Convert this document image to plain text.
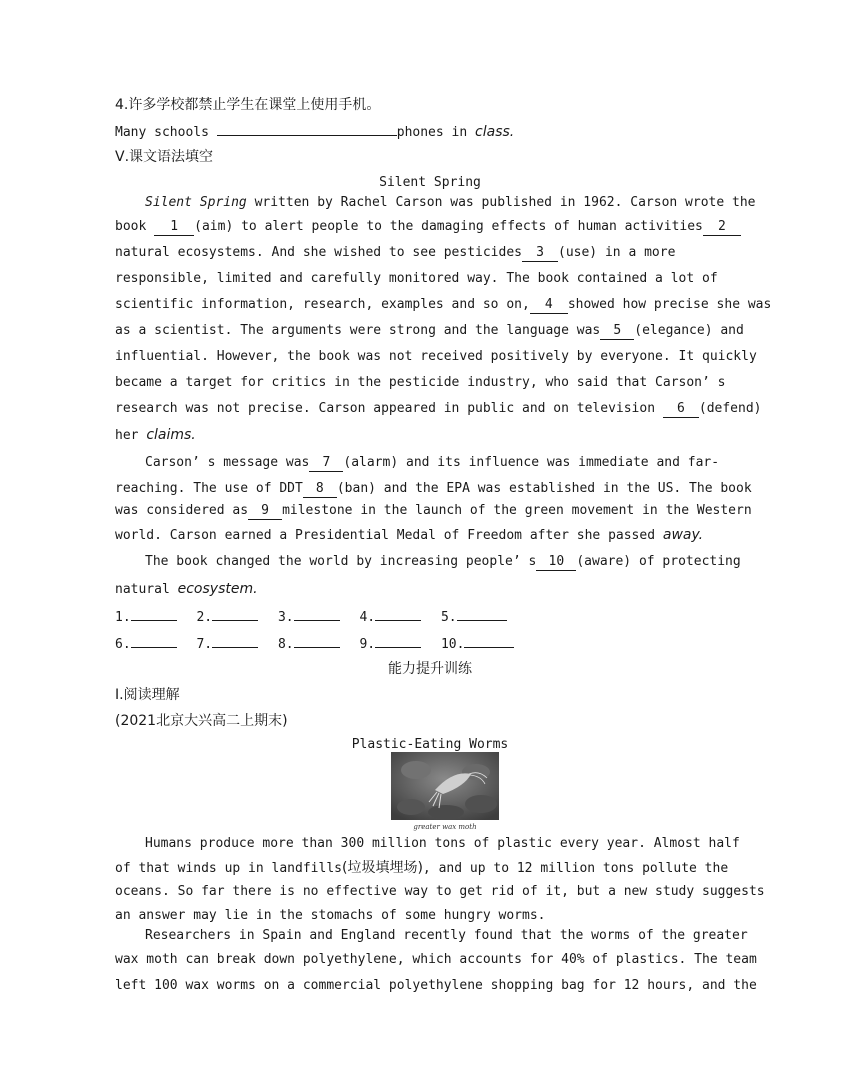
4.许多学校都禁止学生在课堂上使用手机。
Many schools	phones in class.
Ⅴ.课文语法填空
Silent Spring
Silent Spring written by Rachel Carson was published in 1962. Carson wrote the
book 1 (aim) to alert people to the damaging effects of human activities 2
natural ecosystems. And she wished to see pesticides 3 (use) in a more
responsible, limited and carefully monitored way. The book contained a lot of
scientific information, research, examples and so on, 4 showed how precise she was
as a scientist. The arguments were strong and the language was 5 (elegance) and
influential. However, the book was not received positively by everyone. It quickly
became a target for critics in the pesticide industry, who said that Carson’ s
research was not precise. Carson appeared in public and on television 6 (defend)
her claims.
Carson’ s message was 7 (alarm) and its influence was immediate and far-
reaching. The use of DDT 8 (ban) and the EPA was established in the US. The book
was considered as 9 milestone in the launch of the green movement in the Western
world. Carson earned a Presidential Medal of Freedom after she passed away.
The book changed the world by increasing people’ s 10 (aware) of protecting
natural ecosystem.
1.	2.	3.	4.	5.
6.	7.	8.	9.	10.
能力提升训练
Ⅰ.阅读理解
(2021北京大兴高二上期末)
Plastic-Eating Worms
greater wax moth
Humans produce more than 300 million tons of plastic every year. Almost half
of that winds up in landfills(垃圾填埋场), and up to 12 million tons pollute the
oceans. So far there is no effective way to get rid of it, but a new study suggests
an answer may lie in the stomachs of some hungry worms.
Researchers in Spain and England recently found that the worms of the greater
wax moth can break down polyethylene, which accounts for 40% of plastics. The team
left 100 wax worms on a commercial polyethylene shopping bag for 12 hours, and the
